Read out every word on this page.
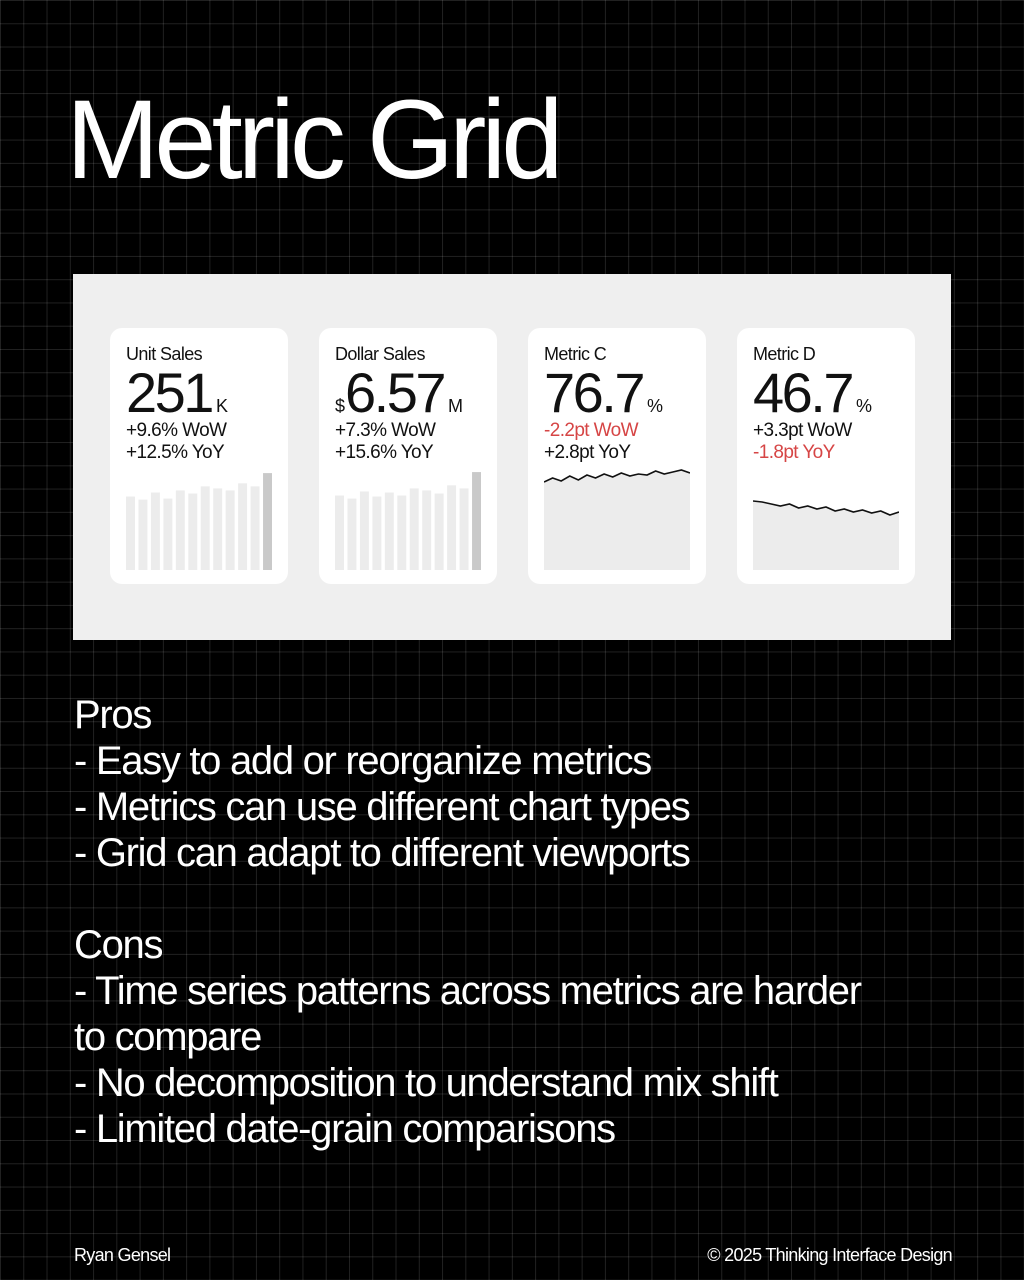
Metric Grid
Unit Sales
251 K
+9.6% WoW
+12.5% YoY
Dollar Sales
$6.57 M
+7.3% WoW
+15.6% YoY
Metric C
76.7 %
-2.2pt WoW
+2.8pt YoY
Metric D
46.7 %
+3.3pt WoW
-1.8pt YoY
Pros
- Easy to add or reorganize metrics
- Metrics can use different chart types
- Grid can adapt to different viewports
Cons
- Time series patterns across metrics are harder to compare
- No decomposition to understand mix shift
- Limited date-grain comparisons
Ryan Gensel	© 2025 Thinking Interface Design
